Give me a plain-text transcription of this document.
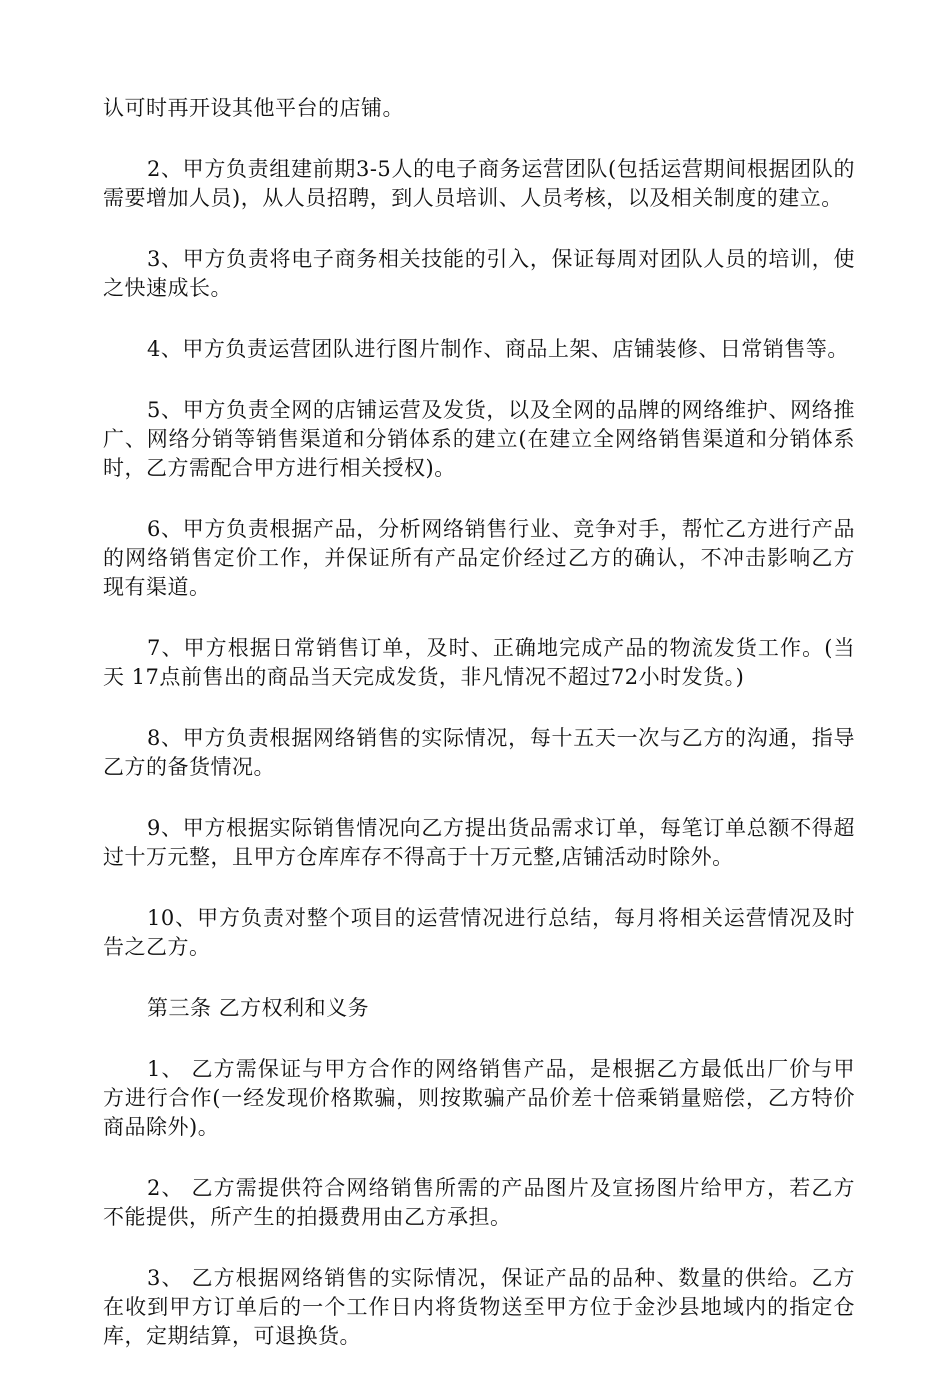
认可时再开设其他平台的店铺。

2、甲方负责组建前期3-5人的电子商务运营团队(包括运营期间根据团队的需要增加人员)，从人员招聘，到人员培训、人员考核，以及相关制度的建立。

3、甲方负责将电子商务相关技能的引入，保证每周对团队人员的培训，使之快速成长。

4、甲方负责运营团队进行图片制作、商品上架、店铺装修、日常销售等。

5、甲方负责全网的店铺运营及发货，以及全网的品牌的网络维护、网络推广、网络分销等销售渠道和分销体系的建立(在建立全网络销售渠道和分销体系时，乙方需配合甲方进行相关授权)。

6、甲方负责根据产品，分析网络销售行业、竞争对手，帮忙乙方进行产品的网络销售定价工作，并保证所有产品定价经过乙方的确认，不冲击影响乙方现有渠道。

7、甲方根据日常销售订单，及时、正确地完成产品的物流发货工作。(当天 17点前售出的商品当天完成发货，非凡情况不超过72小时发货。)

8、甲方负责根据网络销售的实际情况，每十五天一次与乙方的沟通，指导乙方的备货情况。

9、甲方根据实际销售情况向乙方提出货品需求订单，每笔订单总额不得超过十万元整，且甲方仓库库存不得高于十万元整,店铺活动时除外。

10、甲方负责对整个项目的运营情况进行总结，每月将相关运营情况及时告之乙方。

第三条 乙方权利和义务

1、 乙方需保证与甲方合作的网络销售产品，是根据乙方最低出厂价与甲方进行合作(一经发现价格欺骗，则按欺骗产品价差十倍乘销量赔偿，乙方特价商品除外)。

2、 乙方需提供符合网络销售所需的产品图片及宣扬图片给甲方，若乙方不能提供，所产生的拍摄费用由乙方承担。

3、 乙方根据网络销售的实际情况，保证产品的品种、数量的供给。乙方在收到甲方订单后的一个工作日内将货物送至甲方位于金沙县地域内的指定仓库，定期结算，可退换货。
